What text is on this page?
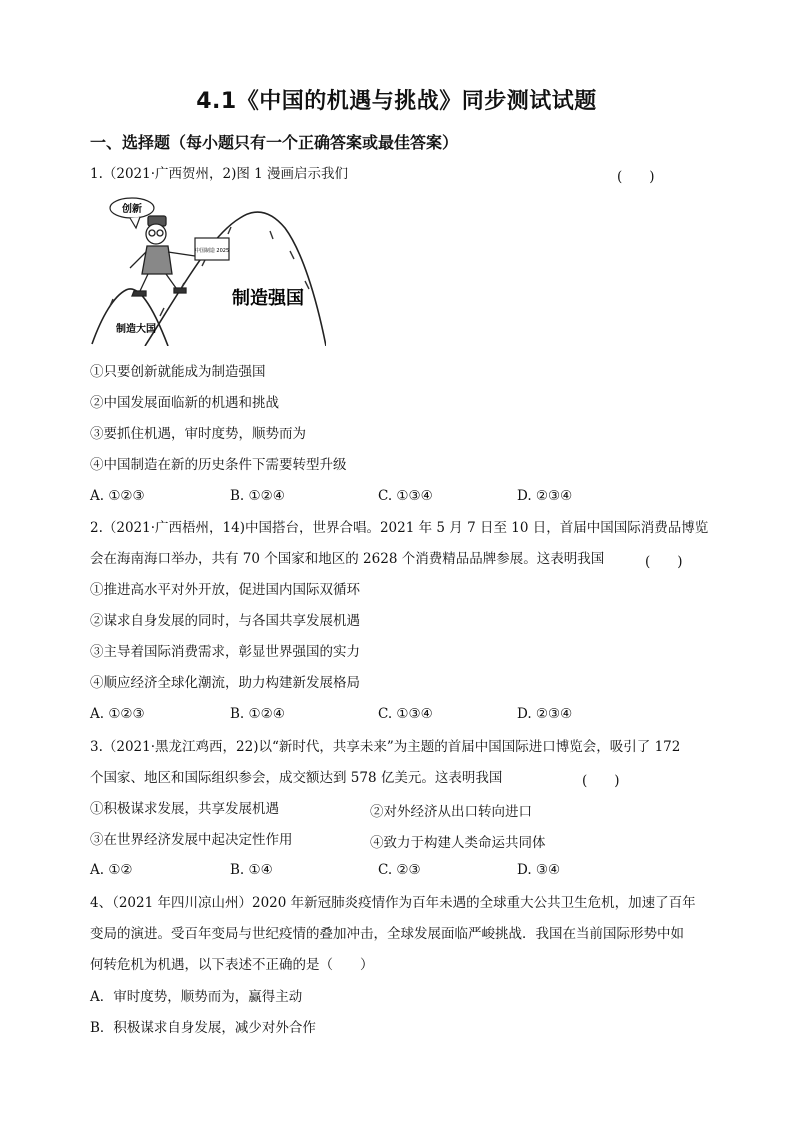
4.1《中国的机遇与挑战》同步测试试题
一、选择题（每小题只有一个正确答案或最佳答案）
1.（2021·广西贺州，2)图 1 漫画启示我们	(　　)
创新
中国制造 2025
制造强国
制造大国
①只要创新就能成为制造强国
②中国发展面临新的机遇和挑战
③要抓住机遇，审时度势，顺势而为
④中国制造在新的历史条件下需要转型升级
A. ①②③	B. ①②④	C. ①③④	D. ②③④
2.（2021·广西梧州，14)中国搭台，世界合唱。2021 年 5 月 7 日至 10 日，首届中国国际消费品博览
会在海南海口举办，共有 70 个国家和地区的 2628 个消费精品品牌参展。这表明我国	(　　)
①推进高水平对外开放，促进国内国际双循环
②谋求自身发展的同时，与各国共享发展机遇
③主导着国际消费需求，彰显世界强国的实力
④顺应经济全球化潮流，助力构建新发展格局
A. ①②③	B. ①②④	C. ①③④	D. ②③④
3.（2021·黑龙江鸡西，22)以“新时代，共享未来”为主题的首届中国国际进口博览会，吸引了 172
个国家、地区和国际组织参会，成交额达到 578 亿美元。这表明我国	(　　)
①积极谋求发展，共享发展机遇	②对外经济从出口转向进口
③在世界经济发展中起决定性作用	④致力于构建人类命运共同体
A. ①②	B. ①④	C. ②③	D. ③④
4、（2021 年四川凉山州）2020 年新冠肺炎疫情作为百年未遇的全球重大公共卫生危机，加速了百年
变局的演进。受百年变局与世纪疫情的叠加冲击，全球发展面临严峻挑战．我国在当前国际形势中如
何转危机为机遇，以下表述不正确的是（　　）
A．审时度势，顺势而为，赢得主动
B．积极谋求自身发展，减少对外合作
